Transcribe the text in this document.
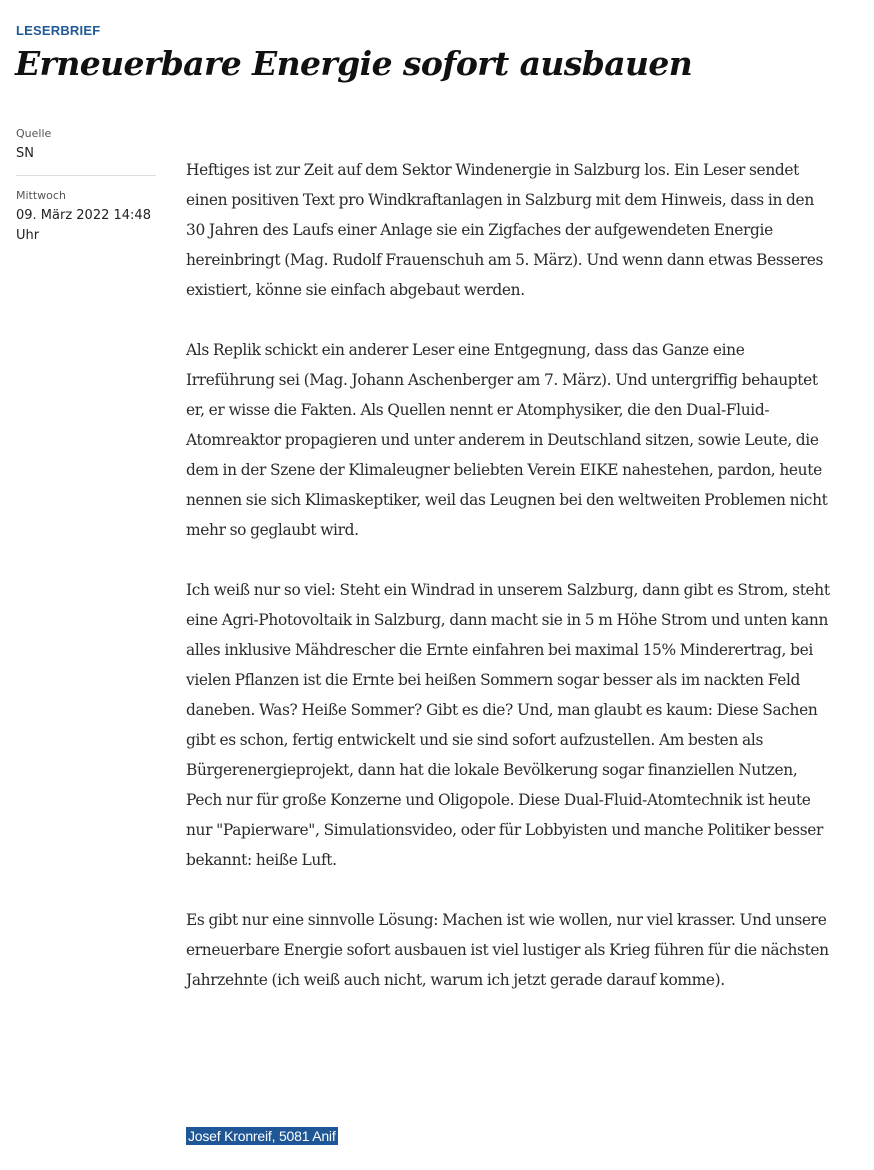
LESERBRIEF
Erneuerbare Energie sofort ausbauen
Quelle
SN
Mittwoch
09. März 2022 14:48 Uhr

Heftiges ist zur Zeit auf dem Sektor Windenergie in Salzburg los. Ein Leser sendet einen positiven Text pro Windkraftanlagen in Salzburg mit dem Hinweis, dass in den 30 Jahren des Laufs einer Anlage sie ein Zigfaches der aufgewendeten Energie hereinbringt (Mag. Rudolf Frauenschuh am 5. März). Und wenn dann etwas Besseres existiert, könne sie einfach abgebaut werden.

Als Replik schickt ein anderer Leser eine Entgegnung, dass das Ganze eine Irreführung sei (Mag. Johann Aschenberger am 7. März). Und untergriffig behauptet er, er wisse die Fakten. Als Quellen nennt er Atomphysiker, die den Dual-Fluid-Atomreaktor propagieren und unter anderem in Deutschland sitzen, sowie Leute, die dem in der Szene der Klimaleugner beliebten Verein EIKE nahestehen, pardon, heute nennen sie sich Klimaskeptiker, weil das Leugnen bei den weltweiten Problemen nicht mehr so geglaubt wird.

Ich weiß nur so viel: Steht ein Windrad in unserem Salzburg, dann gibt es Strom, steht eine Agri-Photovoltaik in Salzburg, dann macht sie in 5 m Höhe Strom und unten kann alles inklusive Mähdrescher die Ernte einfahren bei maximal 15% Minderertrag, bei vielen Pflanzen ist die Ernte bei heißen Sommern sogar besser als im nackten Feld daneben. Was? Heiße Sommer? Gibt es die? Und, man glaubt es kaum: Diese Sachen gibt es schon, fertig entwickelt und sie sind sofort aufzustellen. Am besten als Bürgerenergieprojekt, dann hat die lokale Bevölkerung sogar finanziellen Nutzen, Pech nur für große Konzerne und Oligopole. Diese Dual-Fluid-Atomtechnik ist heute nur "Papierware", Simulationsvideo, oder für Lobbyisten und manche Politiker besser bekannt: heiße Luft.

Es gibt nur eine sinnvolle Lösung: Machen ist wie wollen, nur viel krasser. Und unsere erneuerbare Energie sofort ausbauen ist viel lustiger als Krieg führen für die nächsten Jahrzehnte (ich weiß auch nicht, warum ich jetzt gerade darauf komme).

Josef Kronreif, 5081 Anif
